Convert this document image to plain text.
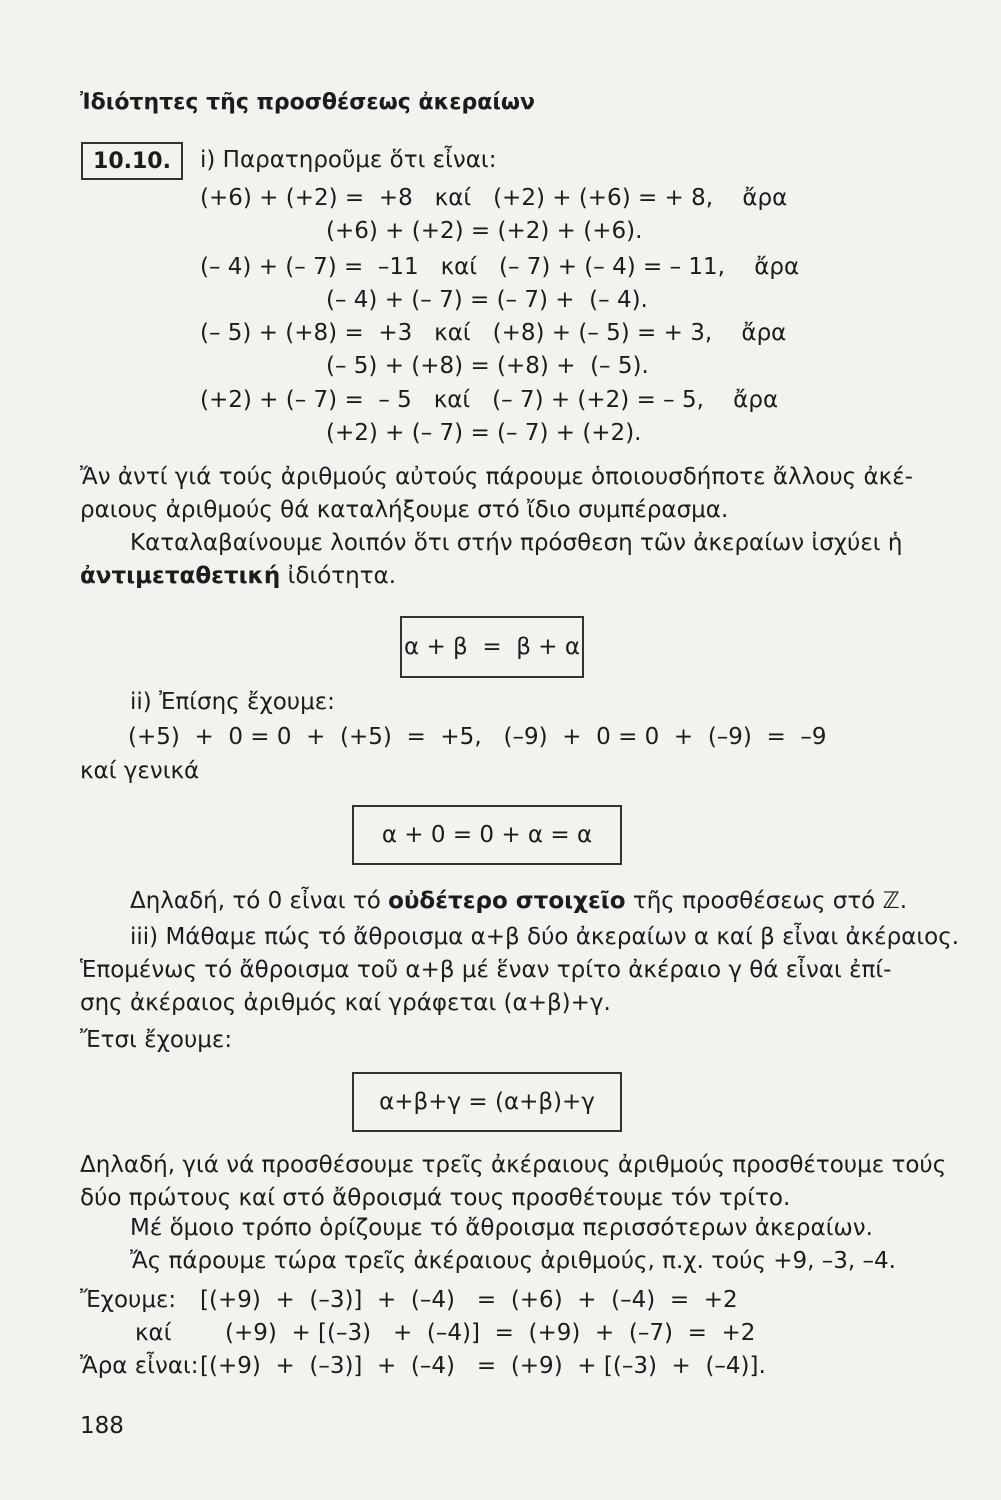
Ἰδιότητες τῆς προσθέσεως ἀκεραίων
10.10.	i) Παρατηροῦμε ὅτι εἶναι:
(+6) + (+2) =  +8   καί   (+2) + (+6) = + 8,    ἄρα
(+6) + (+2) = (+2) + (+6).
(– 4) + (– 7) =  –11   καί   (– 7) + (– 4) = – 11,    ἄρα
(– 4) + (– 7) = (– 7) +  (– 4).
(– 5) + (+8) =  +3   καί   (+8) + (– 5) = + 3,    ἄρα
(– 5) + (+8) = (+8) +  (– 5).
(+2) + (– 7) =  – 5   καί   (– 7) + (+2) = – 5,    ἄρα
(+2) + (– 7) = (– 7) + (+2).
Ἄν ἀντί γιά τούς ἀριθμούς αὐτούς πάρουμε ὁποιουσδήποτε ἄλλους ἀκέ-
ραιους ἀριθμούς θά καταλήξουμε στό ἴδιο συμπέρασμα.
Καταλαβαίνουμε λοιπόν ὅτι στήν πρόσθεση τῶν ἀκεραίων ἰσχύει ἡ
ἀντιμεταθετική ἰδιότητα.
α + β  =  β + α
ii) Ἐπίσης ἔχουμε:
(+5)  +  0 = 0  +  (+5)  =  +5,   (–9)  +  0 = 0  +  (–9)  =  –9
καί γενικά
α + 0 = 0 + α = α
Δηλαδή, τό 0 εἶναι τό οὐδέτερο στοιχεῖο τῆς προσθέσεως στό ℤ.
iii) Μάθαμε πώς τό ἄθροισμα α+β δύο ἀκεραίων α καί β εἶναι ἀκέραιος.
Ἑπομένως τό ἄθροισμα τοῦ α+β μέ ἕναν τρίτο ἀκέραιο γ θά εἶναι ἐπί-
σης ἀκέραιος ἀριθμός καί γράφεται (α+β)+γ.
Ἔτσι ἔχουμε:
α+β+γ = (α+β)+γ
Δηλαδή, γιά νά προσθέσουμε τρεῖς ἀκέραιους ἀριθμούς προσθέτουμε τούς
δύο πρώτους καί στό ἄθροισμά τους προσθέτουμε τόν τρίτο.
Μέ ὅμοιο τρόπο ὁρίζουμε τό ἄθροισμα περισσότερων ἀκεραίων.
Ἄς πάρουμε τώρα τρεῖς ἀκέραιους ἀριθμούς, π.χ. τούς +9, –3, –4.
Ἔχουμε: [(+9)  +  (–3)]  +  (–4)   =  (+6)  +  (–4)  =  +2
καί (+9)  + [(–3)   +  (–4)]  =  (+9)  +  (–7)  =  +2
Ἄρα εἶναι: [(+9)  +  (–3)]  +  (–4)   =  (+9)  + [(–3)  +  (–4)].
188
